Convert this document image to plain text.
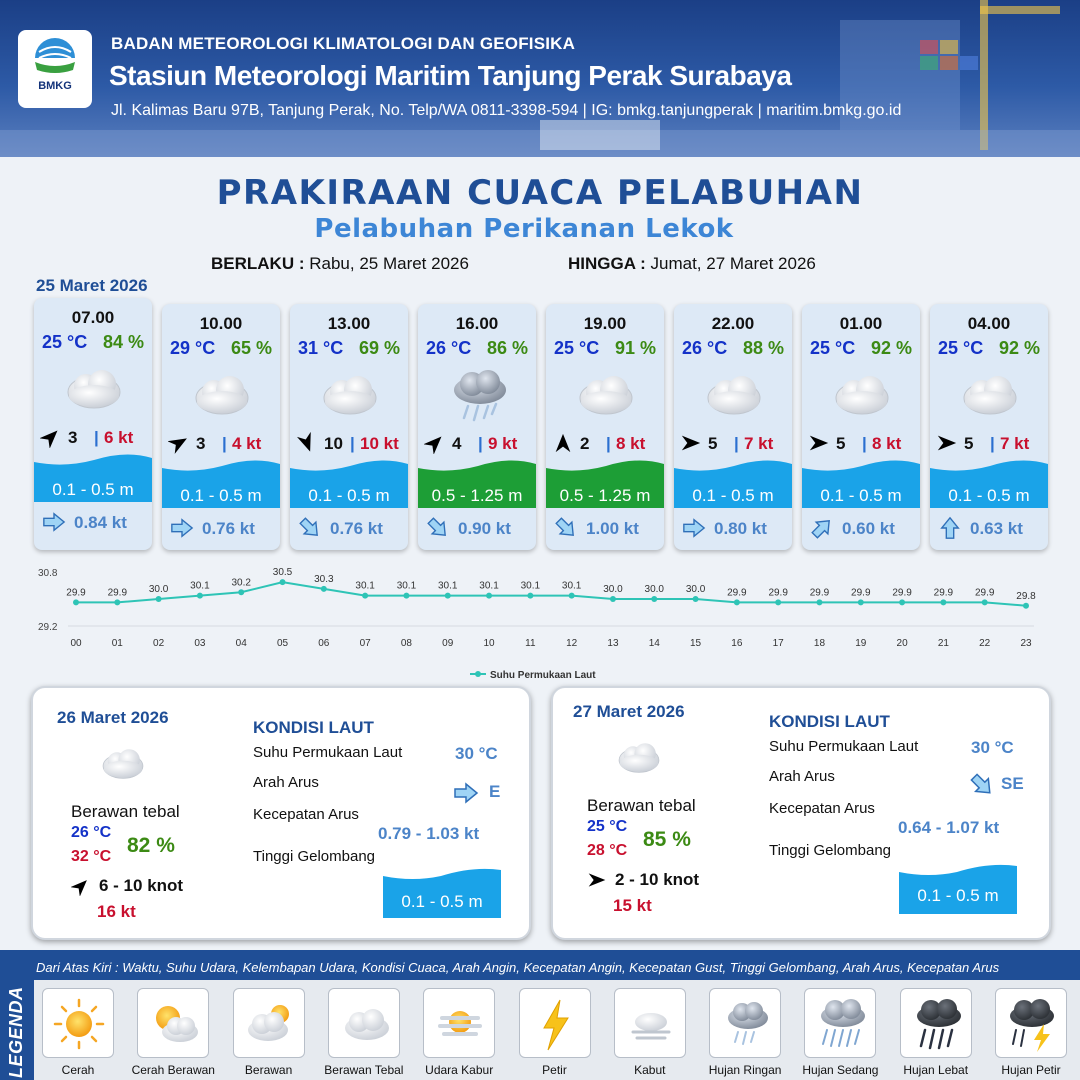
BMKG
BADAN METEOROLOGI KLIMATOLOGI DAN GEOFISIKA
Stasiun Meteorologi Maritim Tanjung Perak Surabaya
Jl. Kalimas Baru 97B, Tanjung Perak, No. Telp/WA 0811-3398-594 | IG: bmkg.tanjungperak | maritim.bmkg.go.id
PRAKIRAAN CUACA PELABUHAN
Pelabuhan Perikanan Lekok
BERLAKU : Rabu, 25 Maret 2026	HINGGA : Jumat, 27 Maret 2026
25 Maret 2026
07.00
25 °C 84 %
3 | 6 kt
0.1 - 0.5 m
0.84 kt
10.00
29 °C 65 %
3 | 4 kt
0.1 - 0.5 m
0.76 kt
13.00
31 °C 69 %
10 | 10 kt
0.1 - 0.5 m
0.76 kt
16.00
26 °C 86 %
4 | 9 kt
0.5 - 1.25 m
0.90 kt
19.00
25 °C 91 %
2 | 8 kt
0.5 - 1.25 m
1.00 kt
22.00
26 °C 88 %
5 | 7 kt
0.1 - 0.5 m
0.80 kt
01.00
25 °C 92 %
5 | 8 kt
0.1 - 0.5 m
0.60 kt
04.00
25 °C 92 %
5 | 7 kt
0.1 - 0.5 m
0.63 kt
30.8
29.2
29.9
00
29.9
01
30.0
02
30.1
03
30.2
04
30.5
05
30.3
06
30.1
07
30.1
08
30.1
09
30.1
10
30.1
11
30.1
12
30.0
13
30.0
14
30.0
15
29.9
16
29.9
17
29.9
18
29.9
19
29.9
20
29.9
21
29.9
22
29.8
23
Suhu Permukaan Laut
26 Maret 2026
Berawan tebal
26 °C
32 °C 82 %
6 - 10 knot
16 kt
KONDISI LAUT
Suhu Permukaan Laut	30 °C
Arah Arus	E
Kecepatan Arus
0.79 - 1.03 kt
Tinggi Gelombang
0.1 - 0.5 m
27 Maret 2026
Berawan tebal
25 °C
28 °C 85 %
2 - 10 knot
15 kt
KONDISI LAUT
Suhu Permukaan Laut	30 °C
Arah Arus	SE
Kecepatan Arus
0.64 - 1.07 kt
Tinggi Gelombang
0.1 - 0.5 m
LEGENDA
Dari Atas Kiri : Waktu, Suhu Udara, Kelembapan Udara, Kondisi Cuaca, Arah Angin, Kecepatan Angin, Kecepatan Gust, Tinggi Gelombang, Arah Arus, Kecepatan Arus
Cerah	Cerah Berawan	Berawan	Berawan Tebal	Udara Kabur	Petir	Kabut	Hujan Ringan	Hujan Sedang	Hujan Lebat	Hujan Petir
